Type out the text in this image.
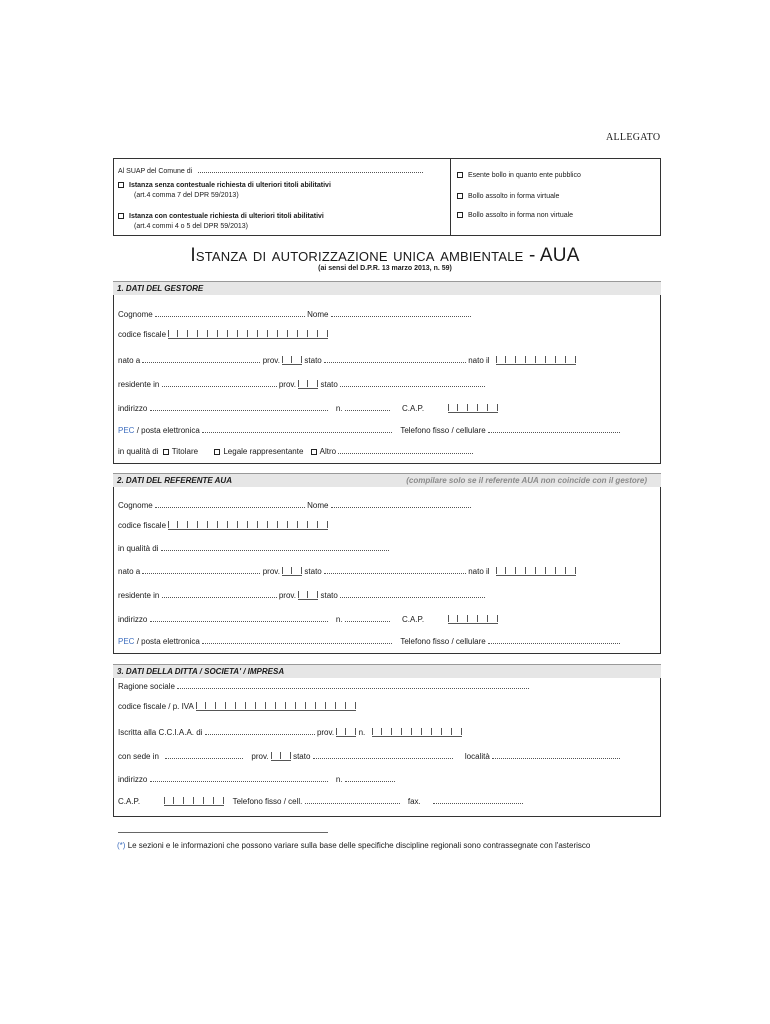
ALLEGATO
Al SUAP del Comune di
Istanza senza contestuale richiesta di ulteriori titoli abilitativi
(art.4 comma 7 del DPR 59/2013)
Istanza con contestuale richiesta di ulteriori titoli abilitativi
(art.4 commi 4 o 5 del DPR 59/2013)
Esente bollo in quanto ente pubblico
Bollo assolto in forma virtuale
Bollo assolto in forma non virtuale
Istanza di autorizzazione unica ambientale - AUA
(ai sensi del D.P.R. 13 marzo 2013, n. 59)
1. DATI DEL GESTORE
Cognome	Nome
codice fiscale
nato a	prov.	stato	nato il
residente in	prov.	stato
indirizzo	n.	C.A.P.
PEC / posta elettronica	Telefono fisso / cellulare
in qualità di Titolare	Legale rappresentante Altro
2. DATI DEL REFERENTE AUA	(compilare solo se il referente AUA non coincide con il gestore)
Cognome	Nome
codice fiscale
in qualità di
nato a	prov.	stato	nato il
residente in	prov.	stato
indirizzo	n.	C.A.P.
PEC / posta elettronica	Telefono fisso / cellulare
3. DATI DELLA DITTA / SOCIETA' / IMPRESA
Ragione sociale
codice fiscale / p. IVA
Iscritta alla C.C.I.A.A. di	prov.	n.
con sede in	prov.	stato	località
indirizzo	n.
C.A.P.	Telefono fisso / cell.	fax.
(*) Le sezioni e le informazioni che possono variare sulla base delle specifiche discipline regionali sono contrassegnate con l'asterisco
